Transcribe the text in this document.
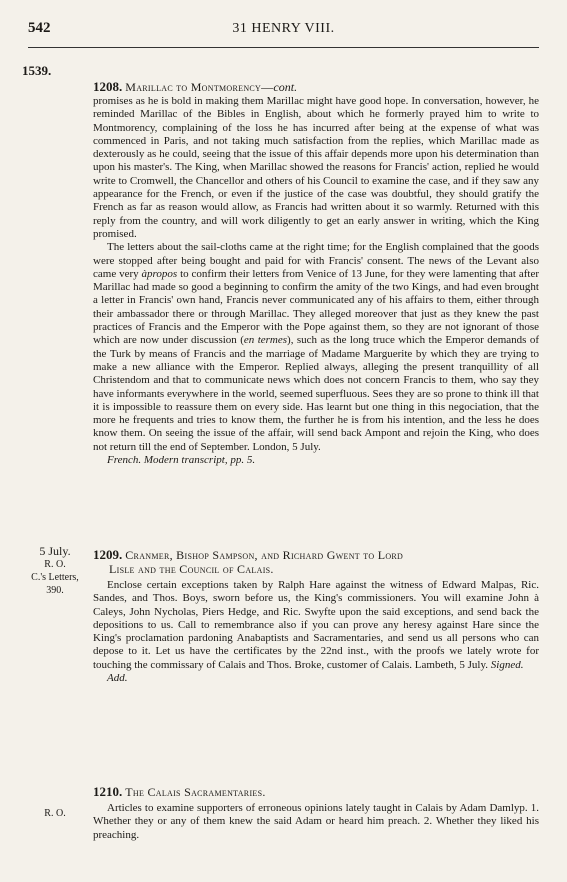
542	31 HENRY VIII.
1539.
5 July.
R. O.
C.'s Letters,
390.
R. O.
1208. Marillac to Montmorency—cont.

promises as he is bold in making them Marillac might have good hope. In conversation, however, he reminded Marillac of the Bibles in English, about which he formerly prayed him to write to Montmorency, complaining of the loss he has incurred after being at the expense of what was commenced in Paris, and not taking much satisfaction from the replies, which Marillac made as dexterously as he could, seeing that the issue of this affair depends more upon his determination than upon his master's. The King, when Marillac showed the reasons for Francis' action, replied he would write to Cromwell, the Chancellor and others of his Council to examine the case, and if they saw any appearance for the French, or even if the justice of the case was doubtful, they should gratify the French as far as reason would allow, as Francis had written about it so warmly. Returned with this reply from the country, and will work diligently to get an early answer in writing, which the King promised.

The letters about the sail-cloths came at the right time; for the English complained that the goods were stopped after being bought and paid for with Francis' consent. The news of the Levant also came very àpropos to confirm their letters from Venice of 13 June, for they were lamenting that after Marillac had made so good a beginning to confirm the amity of the two Kings, and had even brought a letter in Francis' own hand, Francis never communicated any of his affairs to them, either through their ambassador there or through Marillac. They alleged moreover that just as they knew the past practices of Francis and the Emperor with the Pope against them, so they are not ignorant of those which are now under discussion (en termes), such as the long truce which the Emperor demands of the Turk by means of Francis and the marriage of Madame Marguerite by which they are trying to make a new alliance with the Emperor. Replied always, alleging the present tranquillity of all Christendom and that to communicate news which does not concern Francis to them, who say they have informants everywhere in the world, seemed superfluous. Sees they are so prone to think ill that it is impossible to reassure them on every side. Has learnt but one thing in this negociation, that the more he frequents and tries to know them, the further he is from his intention, and the less he does know them. On seeing the issue of the affair, will send back Ampont and rejoin the King, who does not return till the end of September. London, 5 July.

French. Modern transcript, pp. 5.
1209. Cranmer, Bishop Sampson, and Richard Gwent to Lord
Lisle and the Council of Calais.

Enclose certain exceptions taken by Ralph Hare against the witness of Edward Malpas, Ric. Sandes, and Thos. Boys, sworn before us, the King's commissioners. You will examine John à Caleys, John Nycholas, Piers Hedge, and Ric. Swyfte upon the said exceptions, and send back the depositions to us. Call to remembrance also if you can prove any heresy against Hare since the King's proclamation pardoning Anabaptists and Sacramentaries, and send us all persons who can depose to it. Let us have the certificates by the 22nd inst., with the proofs we lately wrote for touching the commissary of Calais and Thos. Broke, customer of Calais. Lambeth, 5 July. Signed.

Add.
1210. The Calais Sacramentaries.

Articles to examine supporters of erroneous opinions lately taught in Calais by Adam Damlyp. 1. Whether they or any of them knew the said Adam or heard him preach. 2. Whether they liked his preaching.
